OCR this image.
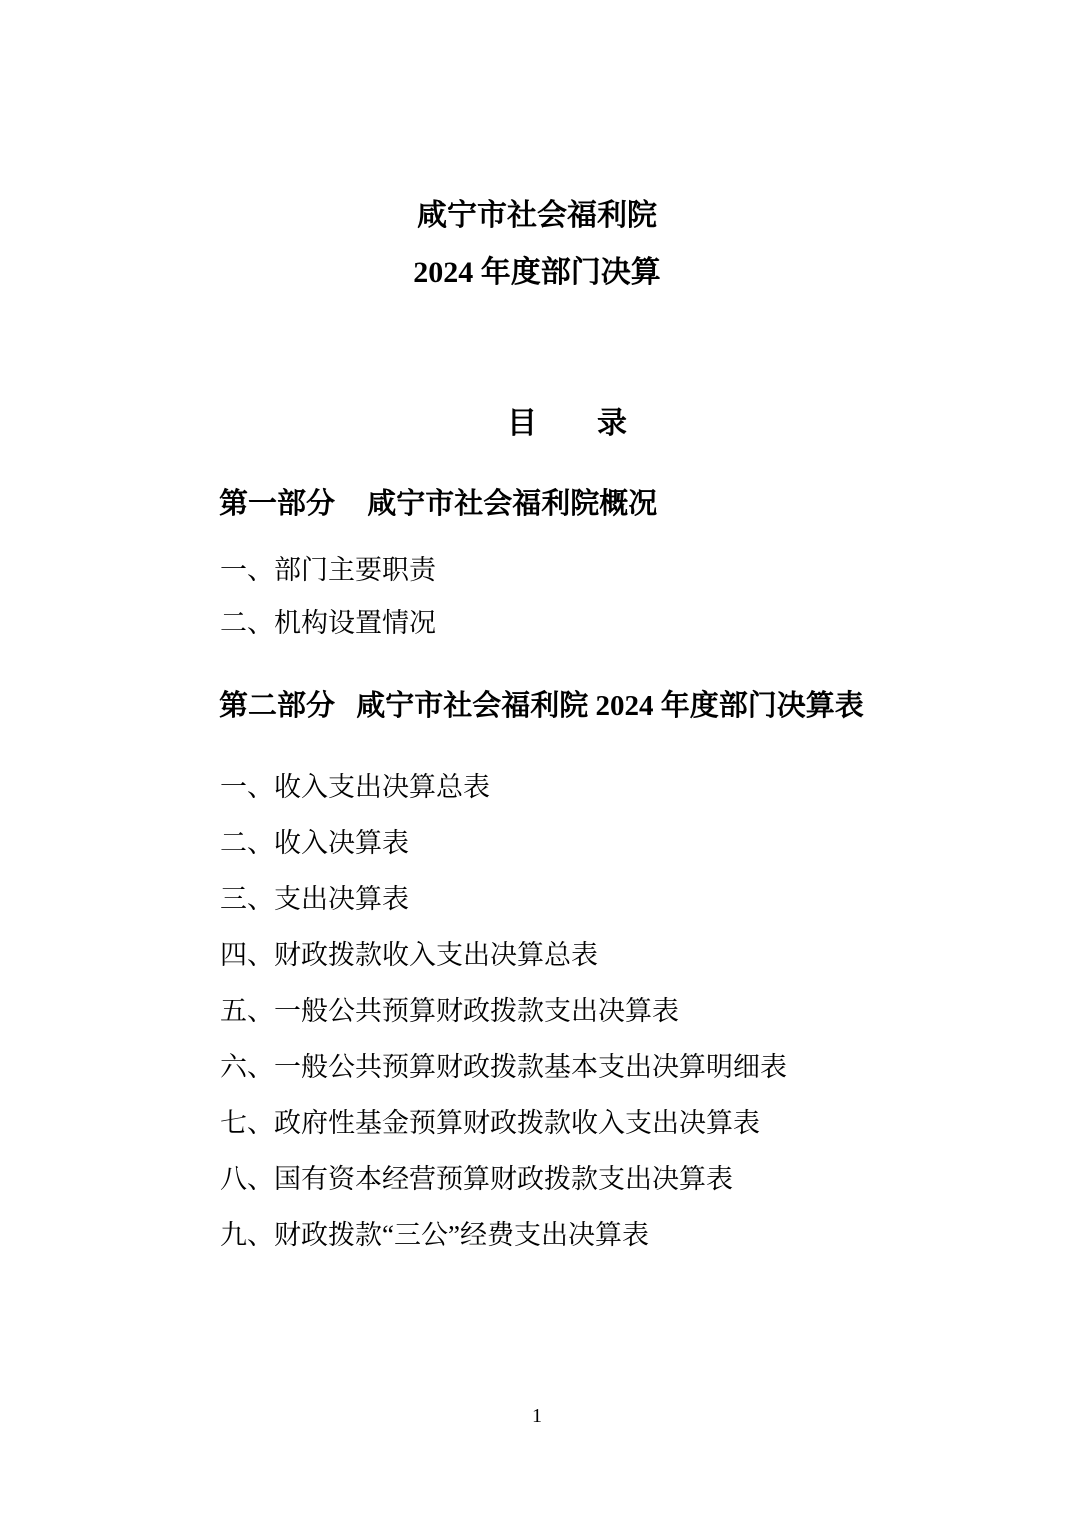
咸宁市社会福利院
2024 年度部门决算
目　　录
第一部分 咸宁市社会福利院概况
一、部门主要职责
二、机构设置情况
第二部分 咸宁市社会福利院 2024 年度部门决算表
一、收入支出决算总表
二、收入决算表
三、支出决算表
四、财政拨款收入支出决算总表
五、一般公共预算财政拨款支出决算表
六、一般公共预算财政拨款基本支出决算明细表
七、政府性基金预算财政拨款收入支出决算表
八、国有资本经营预算财政拨款支出决算表
九、财政拨款“三公”经费支出决算表
1
